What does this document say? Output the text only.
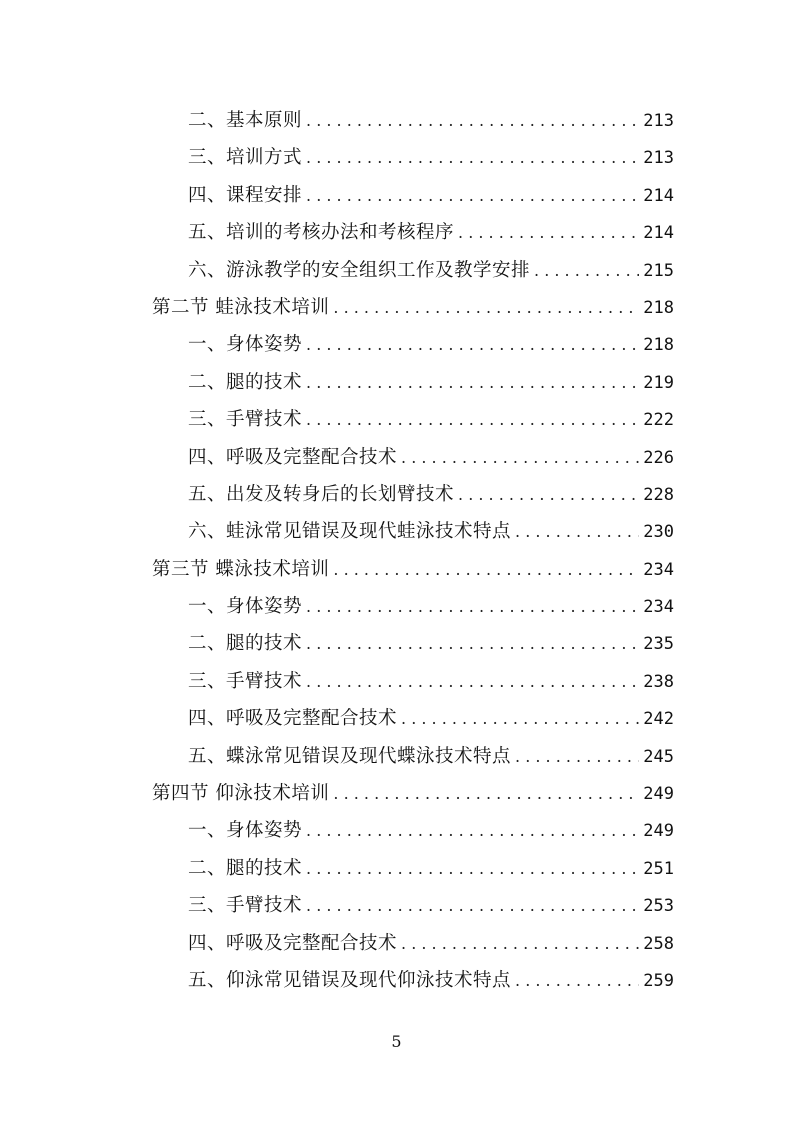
二、基本原则 . . .	213
三、培训方式 . . .	213
四、课程安排 . . .	214
五、培训的考核办法和考核程序 . . .	214
六、游泳教学的安全组织工作及教学安排 . . .	215
第二节 蛙泳技术培训 . . .	218
一、身体姿势 . . .	218
二、腿的技术 . . .	219
三、手臂技术 . . .	222
四、呼吸及完整配合技术 . . .	226
五、出发及转身后的长划臂技术 . . .	228
六、蛙泳常见错误及现代蛙泳技术特点 . . .	230
第三节 蝶泳技术培训 . . .	234
一、身体姿势 . . .	234
二、腿的技术 . . .	235
三、手臂技术 . . .	238
四、呼吸及完整配合技术 . . .	242
五、蝶泳常见错误及现代蝶泳技术特点 . . .	245
第四节 仰泳技术培训 . . .	249
一、身体姿势 . . .	249
二、腿的技术 . . .	251
三、手臂技术 . . .	253
四、呼吸及完整配合技术 . . .	258
五、仰泳常见错误及现代仰泳技术特点 . . .	259
5
